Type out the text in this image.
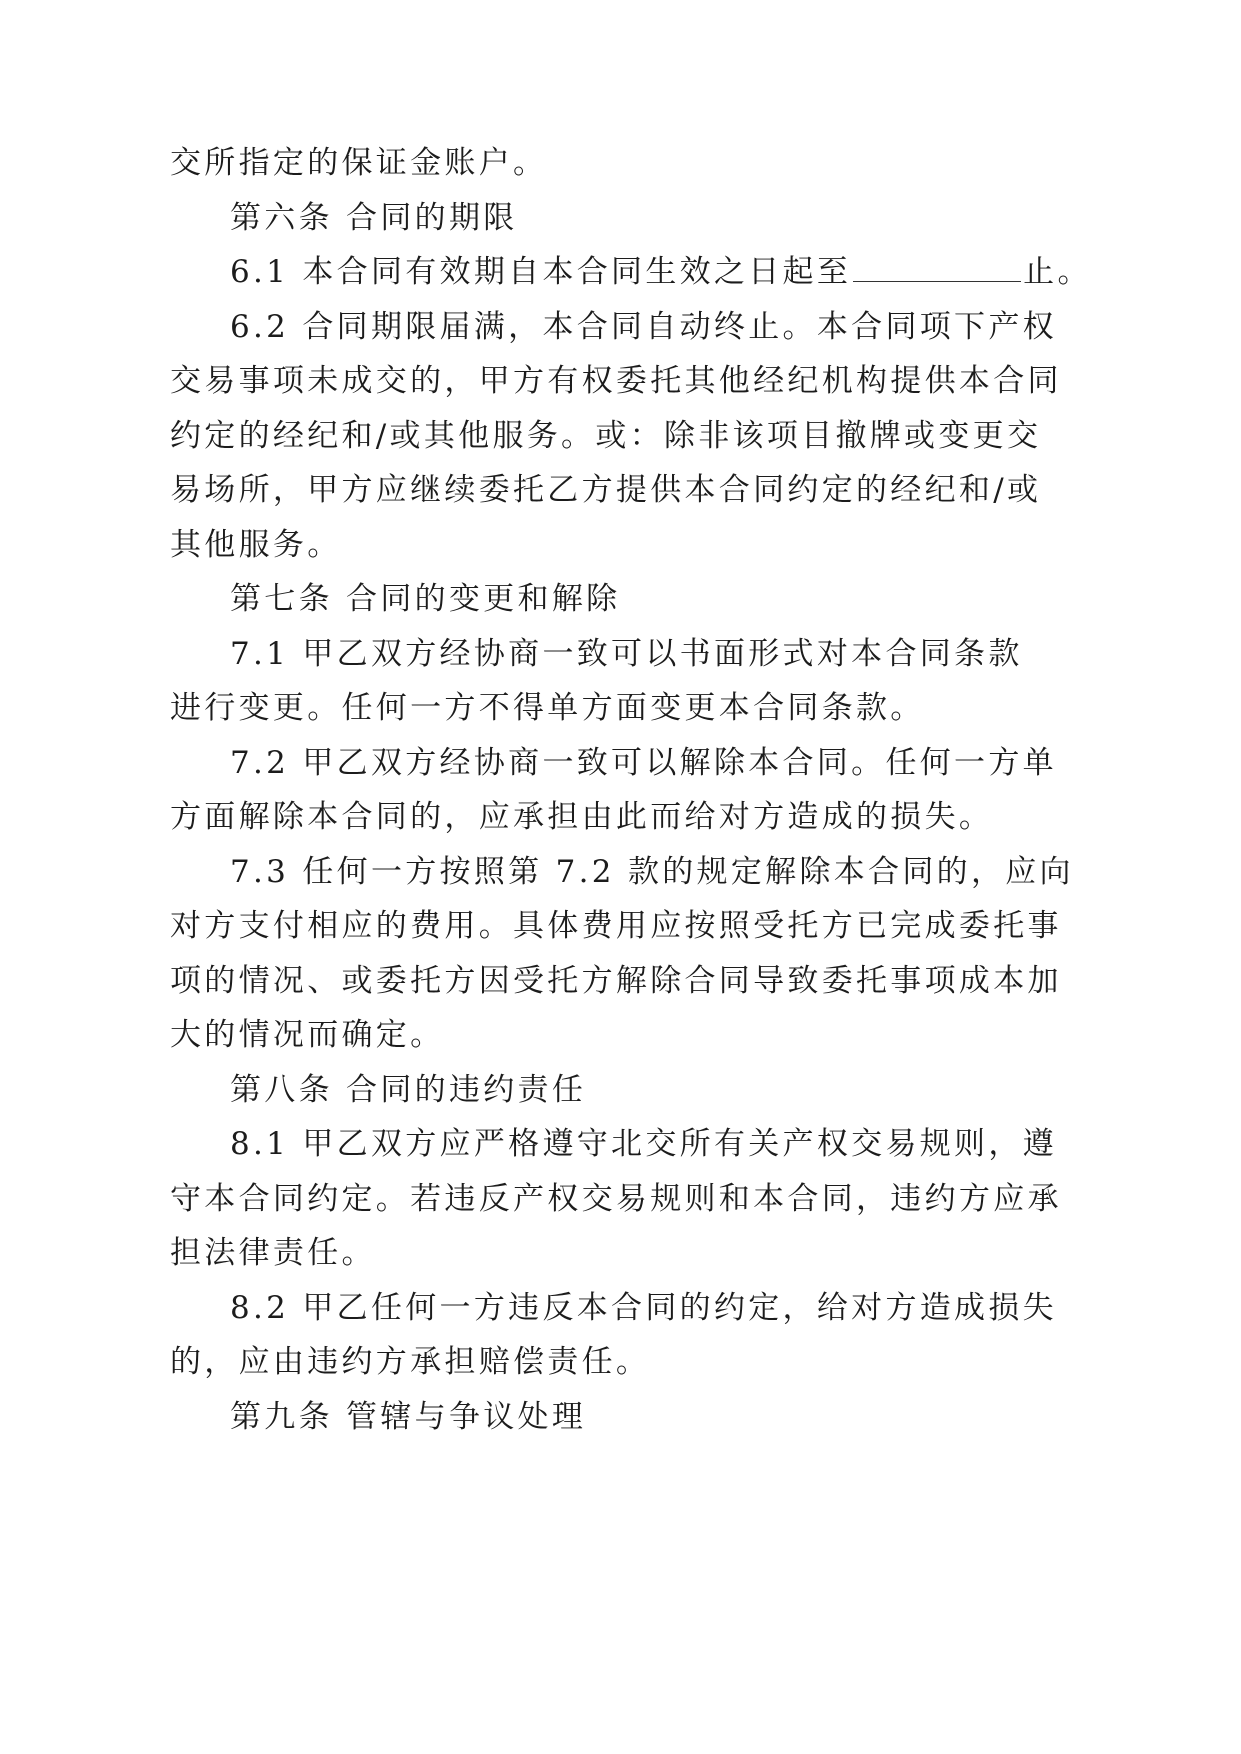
交所指定的保证金账户。

第六条 合同的期限

6.1 本合同有效期自本合同生效之日起至	止。

6.2 合同期限届满，本合同自动终止。本合同项下产权

交易事项未成交的，甲方有权委托其他经纪机构提供本合同

约定的经纪和/或其他服务。或：除非该项目撤牌或变更交

易场所，甲方应继续委托乙方提供本合同约定的经纪和/或

其他服务。

第七条 合同的变更和解除

7.1 甲乙双方经协商一致可以书面形式对本合同条款

进行变更。任何一方不得单方面变更本合同条款。

7.2 甲乙双方经协商一致可以解除本合同。任何一方单

方面解除本合同的，应承担由此而给对方造成的损失。

7.3 任何一方按照第 7.2 款的规定解除本合同的，应向

对方支付相应的费用。具体费用应按照受托方已完成委托事

项的情况、或委托方因受托方解除合同导致委托事项成本加

大的情况而确定。

第八条 合同的违约责任

8.1 甲乙双方应严格遵守北交所有关产权交易规则，遵

守本合同约定。若违反产权交易规则和本合同，违约方应承

担法律责任。

8.2 甲乙任何一方违反本合同的约定，给对方造成损失

的，应由违约方承担赔偿责任。

第九条 管辖与争议处理
